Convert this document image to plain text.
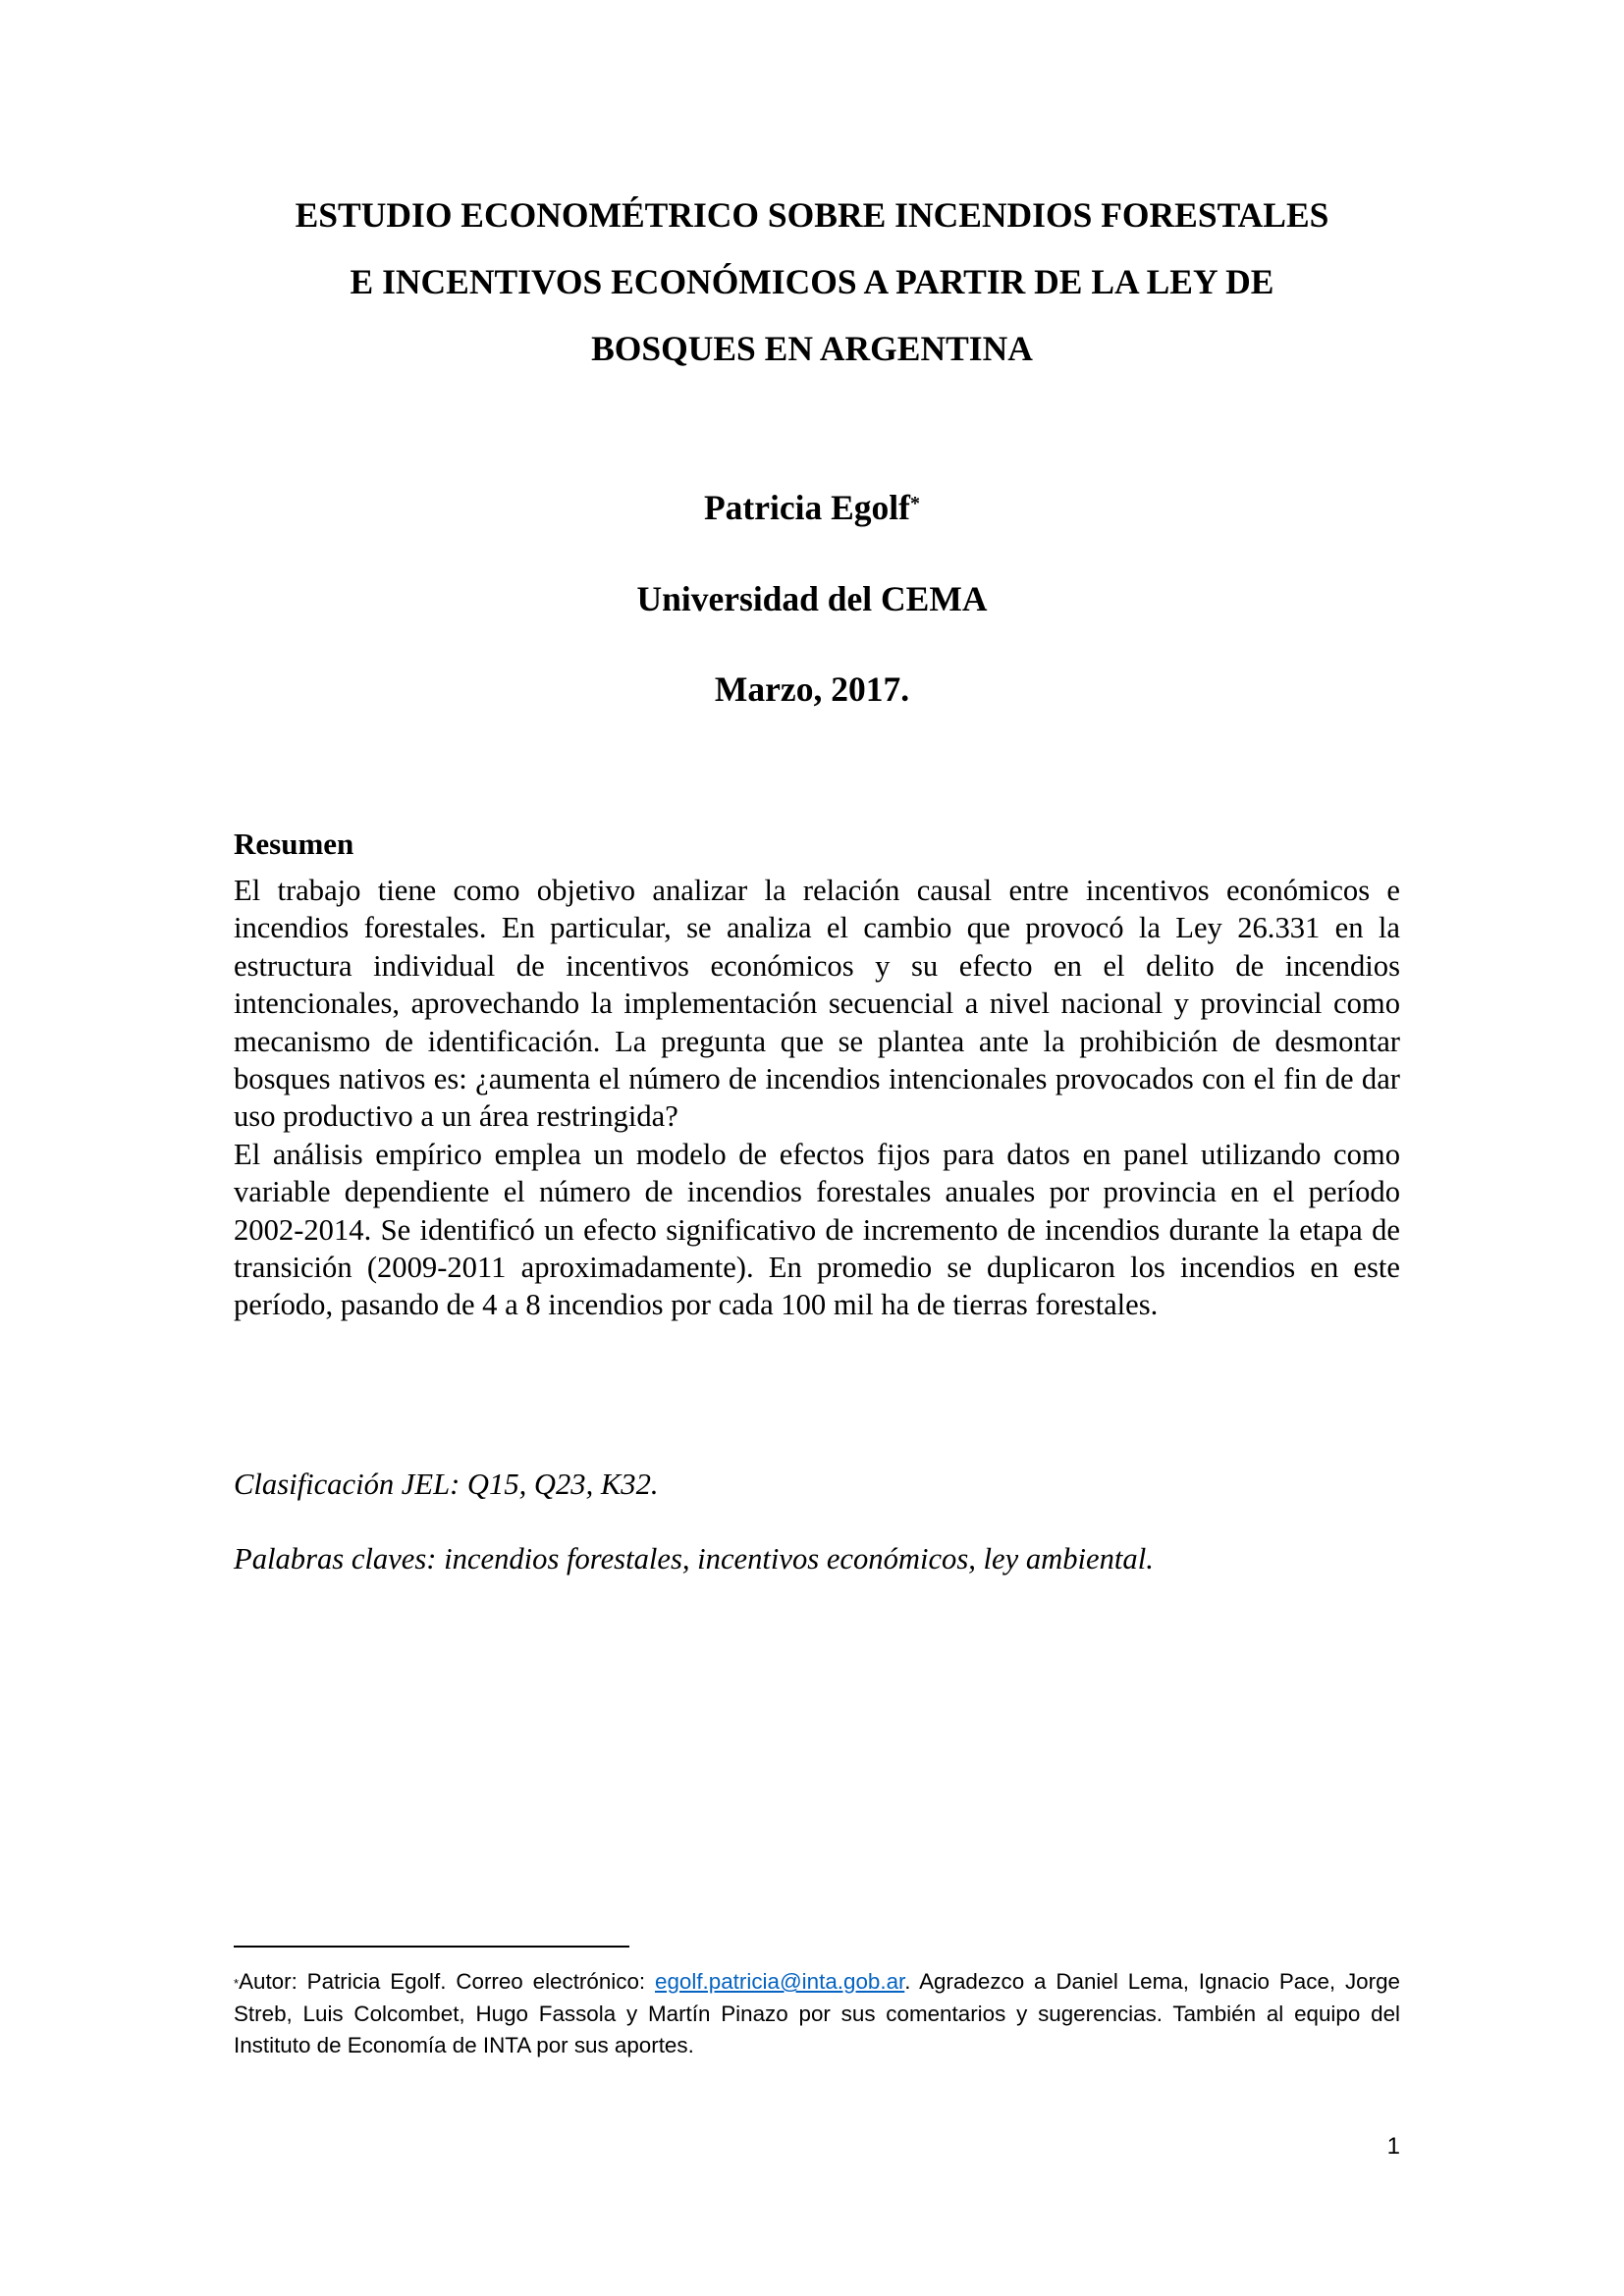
ESTUDIO ECONOMÉTRICO SOBRE INCENDIOS FORESTALES
E INCENTIVOS ECONÓMICOS A PARTIR DE LA LEY DE
BOSQUES EN ARGENTINA

Patricia Egolf*

Universidad del CEMA

Marzo, 2017.

Resumen

El trabajo tiene como objetivo analizar la relación causal entre incentivos económicos e incendios forestales. En particular, se analiza el cambio que provocó la Ley 26.331 en la estructura individual de incentivos económicos y su efecto en el delito de incendios intencionales, aprovechando la implementación secuencial a nivel nacional y provincial como mecanismo de identificación. La pregunta que se plantea ante la prohibición de desmontar bosques nativos es: ¿aumenta el número de incendios intencionales provocados con el fin de dar uso productivo a un área restringida?

El análisis empírico emplea un modelo de efectos fijos para datos en panel utilizando como variable dependiente el número de incendios forestales anuales por provincia en el período 2002-2014. Se identificó un efecto significativo de incremento de incendios durante la etapa de transición (2009-2011 aproximadamente). En promedio se duplicaron los incendios en este período, pasando de 4 a 8 incendios por cada 100 mil ha de tierras forestales.

Clasificación JEL: Q15, Q23, K32.

Palabras claves: incendios forestales, incentivos económicos, ley ambiental.

*Autor: Patricia Egolf. Correo electrónico: egolf.patricia@inta.gob.ar. Agradezco a Daniel Lema, Ignacio Pace, Jorge Streb, Luis Colcombet, Hugo Fassola y Martín Pinazo por sus comentarios y sugerencias. También al equipo del Instituto de Economía de INTA por sus aportes.

1
